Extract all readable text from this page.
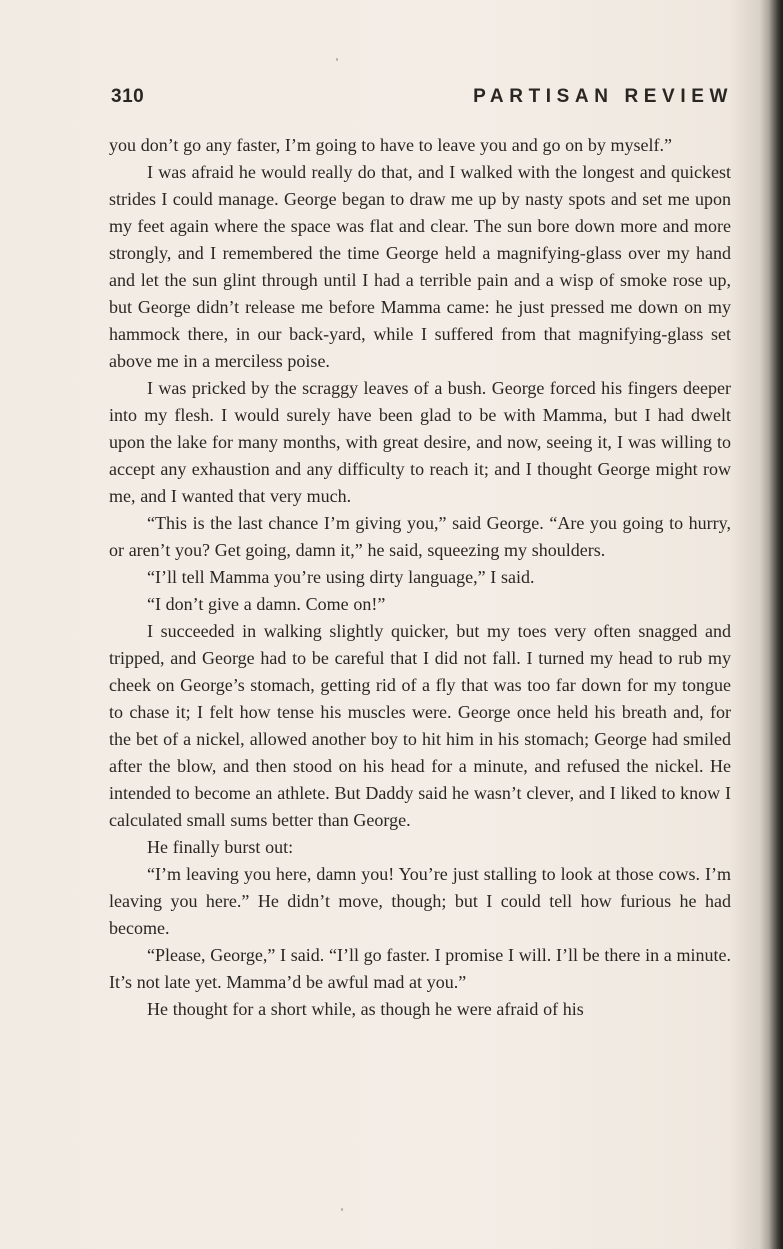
310	PARTISAN REVIEW

you don’t go any faster, I’m going to have to leave you and go on by myself.”

I was afraid he would really do that, and I walked with the longest and quickest strides I could manage. George began to draw me up by nasty spots and set me upon my feet again where the space was flat and clear. The sun bore down more and more strongly, and I remembered the time George held a magnifying-glass over my hand and let the sun glint through until I had a terrible pain and a wisp of smoke rose up, but George didn’t release me before Mamma came: he just pressed me down on my hammock there, in our back-yard, while I suffered from that magnifying-glass set above me in a merciless poise.

I was pricked by the scraggy leaves of a bush. George forced his fingers deeper into my flesh. I would surely have been glad to be with Mamma, but I had dwelt upon the lake for many months, with great desire, and now, seeing it, I was willing to accept any exhaustion and any difficulty to reach it; and I thought George might row me, and I wanted that very much.

“This is the last chance I’m giving you,” said George. “Are you going to hurry, or aren’t you? Get going, damn it,” he said, squeezing my shoulders.

“I’ll tell Mamma you’re using dirty language,” I said.

“I don’t give a damn. Come on!”

I succeeded in walking slightly quicker, but my toes very often snagged and tripped, and George had to be careful that I did not fall. I turned my head to rub my cheek on George’s stomach, getting rid of a fly that was too far down for my tongue to chase it; I felt how tense his muscles were. George once held his breath and, for the bet of a nickel, allowed another boy to hit him in his stomach; George had smiled after the blow, and then stood on his head for a minute, and refused the nickel. He intended to become an athlete. But Daddy said he wasn’t clever, and I liked to know I calculated small sums better than George.

He finally burst out:

“I’m leaving you here, damn you! You’re just stalling to look at those cows. I’m leaving you here.” He didn’t move, though; but I could tell how furious he had become.

“Please, George,” I said. “I’ll go faster. I promise I will. I’ll be there in a minute. It’s not late yet. Mamma’d be awful mad at you.”

He thought for a short while, as though he were afraid of his
